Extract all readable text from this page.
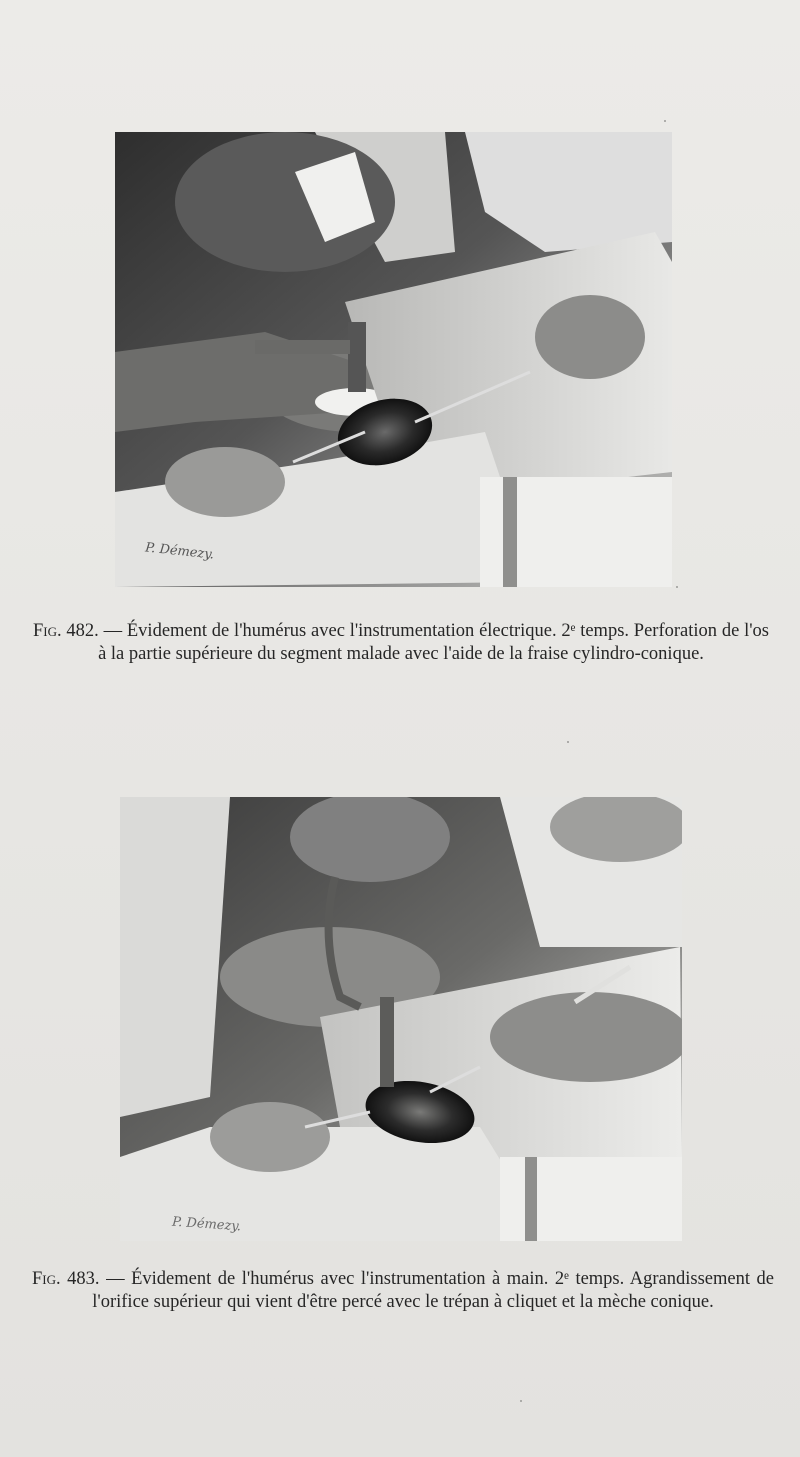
P. Démezy.
Fig. 482. — Évidement de l'humérus avec l'instrumentation électrique. 2ᵉ temps. Perforation de l'os à la partie supérieure du segment malade avec l'aide de la fraise cylindro-conique.
P. Démezy.
Fig. 483. — Évidement de l'humérus avec l'instrumentation à main. 2ᵉ temps. Agrandissement de l'orifice supérieur qui vient d'être percé avec le trépan à cliquet et la mèche conique.
